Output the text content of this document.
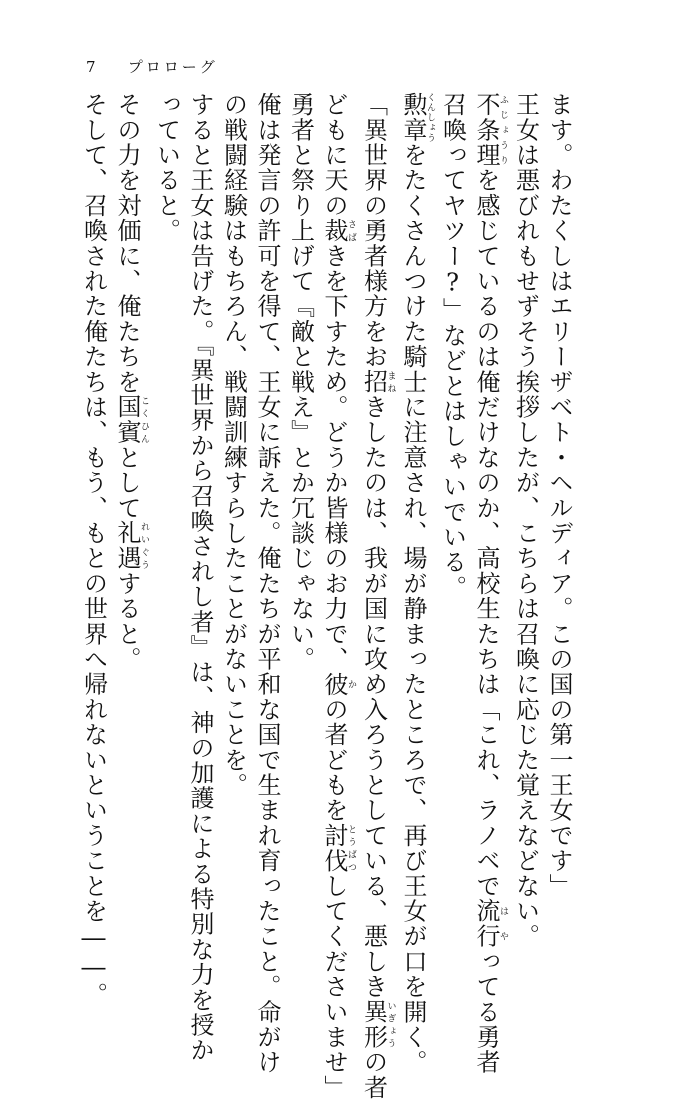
7 プロローグ
ます。わたくしはエリーザベト・ヘルディア。この国の第一王女です」
王女は悪びれもせずそう挨拶したが、こちらは召喚に応じた覚えなどない。
不条理ふじょうりを感じているのは俺だけなのか、高校生たちは「これ、ラノベで流行はやってる勇者
召喚ってヤツー?」などとはしゃいでいる。
勲章くんしょうをたくさんつけた騎士に注意され、場が静まったところで、再び王女が口を開く。
「異世界の勇者様方をお招まねきしたのは、我が国に攻め入ろうとしている、悪しき異形いぎょうの者
どもに天の裁さばきを下すため。どうか皆様のお力で、彼かの者どもを討伐とうばつしてくださいませ」
勇者と祭り上げて『敵と戦え』とか冗談じゃない。
俺は発言の許可を得て、王女に訴えた。俺たちが平和な国で生まれ育ったこと。命がけ
の戦闘経験はもちろん、戦闘訓練すらしたことがないことを。
すると王女は告げた。『異世界から召喚されし者』は、神の加護による特別な力を授か
っていると。
その力を対価に、俺たちを国賓こくひんとして礼遇れいぐうすると。
そして、召喚された俺たちは、もう、もとの世界へ帰れないということを――。
